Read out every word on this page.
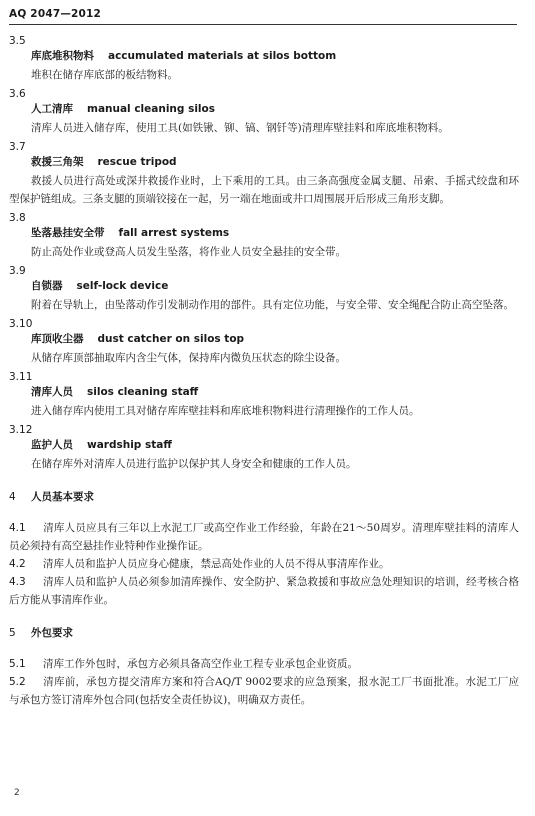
AQ 2047—2012
3.5
库底堆积物料 accumulated materials at silos bottom
堆积在储存库底部的板结物料。
3.6
人工清库 manual cleaning silos
清库人员进入储存库，使用工具(如铁锹、铆、镐、钢钎等)清理库壁挂料和库底堆积物料。
3.7
救援三角架 rescue tripod
救援人员进行高处或深井救援作业时，上下乘用的工具。由三条高强度金属支腿、吊索、手摇式绞盘和环型保护链组成。三条支腿的顶端铰接在一起，另一端在地面或井口周围展开后形成三角形支脚。
3.8
坠落悬挂安全带 fall arrest systems
防止高处作业或登高人员发生坠落，将作业人员安全悬挂的安全带。
3.9
自锁器 self-lock device
附着在导轨上，由坠落动作引发制动作用的部件。具有定位功能，与安全带、安全绳配合防止高空坠落。
3.10
库顶收尘器 dust catcher on silos top
从储存库顶部抽取库内含尘气体，保持库内微负压状态的除尘设备。
3.11
清库人员 silos cleaning staff
进入储存库内使用工具对储存库库壁挂料和库底堆积物料进行清理操作的工作人员。
3.12
监护人员 wardship staff
在储存库外对清库人员进行监护以保护其人身安全和健康的工作人员。
4 人员基本要求
4.1 清库人员应具有三年以上水泥工厂或高空作业工作经验，年龄在21～50周岁。清理库壁挂料的清库人员必须持有高空悬挂作业特种作业操作证。
4.2 清库人员和监护人员应身心健康，禁忌高处作业的人员不得从事清库作业。
4.3 清库人员和监护人员必须参加清库操作、安全防护、紧急救援和事故应急处理知识的培训，经考核合格后方能从事清库作业。
5 外包要求
5.1 清库工作外包时，承包方必须具备高空作业工程专业承包企业资质。
5.2 清库前，承包方提交清库方案和符合AQ/T 9002要求的应急预案，报水泥工厂书面批准。水泥工厂应与承包方签订清库外包合同(包括安全责任协议)，明确双方责任。
2
